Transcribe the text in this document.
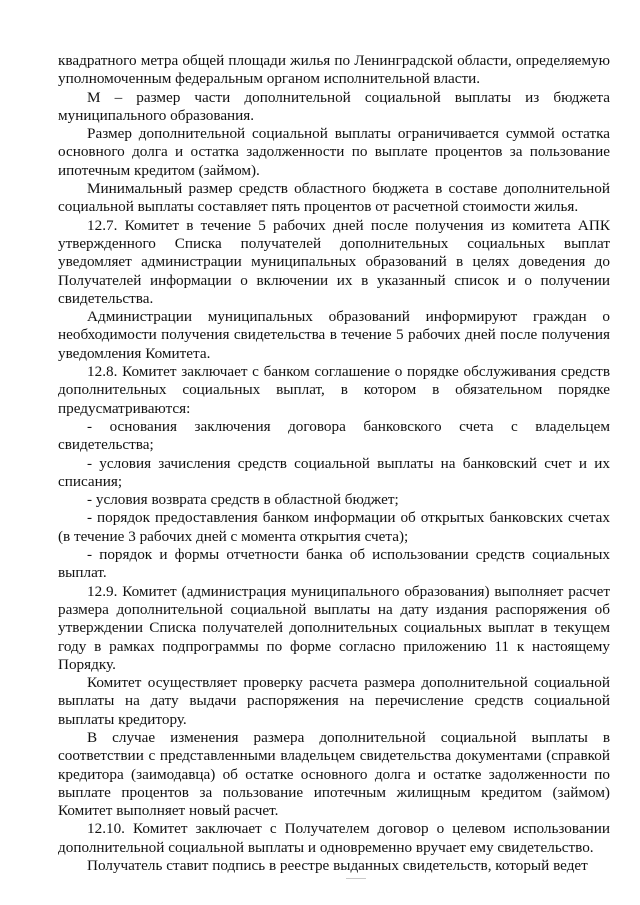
квадратного метра общей площади жилья по Ленинградской области, определяемую уполномоченным федеральным органом исполнительной власти.

М – размер части дополнительной социальной выплаты из бюджета муниципального образования.

Размер дополнительной социальной выплаты ограничивается суммой остатка основного долга и остатка задолженности по выплате процентов за пользование ипотечным кредитом (займом).

Минимальный размер средств областного бюджета в составе дополнительной социальной выплаты составляет пять процентов от расчетной стоимости жилья.

12.7. Комитет в течение 5 рабочих дней после получения из комитета АПК утвержденного Списка получателей дополнительных социальных выплат уведомляет администрации муниципальных образований в целях доведения до Получателей информации о включении их в указанный список и о получении свидетельства.

Администрации муниципальных образований информируют граждан о необходимости получения свидетельства в течение 5 рабочих дней после получения уведомления Комитета.

12.8. Комитет заключает с банком соглашение о порядке обслуживания средств дополнительных социальных выплат, в котором в обязательном порядке предусматриваются:

- основания заключения договора банковского счета с владельцем свидетельства;

- условия зачисления средств социальной выплаты на банковский счет и их списания;

- условия возврата средств в областной бюджет;

- порядок предоставления банком информации об открытых банковских счетах (в течение 3 рабочих дней с момента открытия счета);

- порядок и формы отчетности банка об использовании средств социальных выплат.

12.9. Комитет (администрация муниципального образования) выполняет расчет размера дополнительной социальной выплаты на дату издания распоряжения об утверждении Списка получателей дополнительных социальных выплат в текущем году в рамках подпрограммы по форме согласно приложению 11 к настоящему Порядку.

Комитет осуществляет проверку расчета размера дополнительной социальной выплаты на дату выдачи распоряжения на перечисление средств социальной выплаты кредитору.

В случае изменения размера дополнительной социальной выплаты в соответствии с представленными владельцем свидетельства документами (справкой кредитора (заимодавца) об остатке основного долга и остатке задолженности по выплате процентов за пользование ипотечным жилищным кредитом (займом) Комитет выполняет новый расчет.

12.10. Комитет заключает с Получателем договор о целевом использовании дополнительной социальной выплаты и одновременно вручает ему свидетельство.

Получатель ставит подпись в реестре выданных свидетельств, который ведет
